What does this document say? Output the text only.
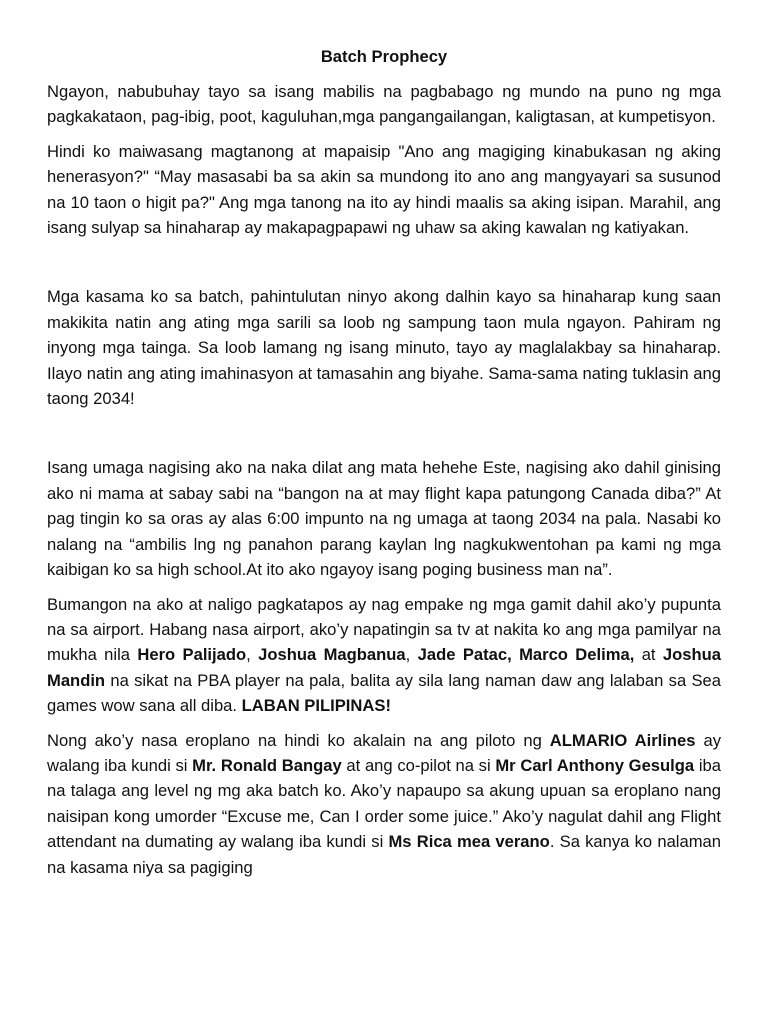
Batch Prophecy

Ngayon, nabubuhay tayo sa isang mabilis na pagbabago ng mundo na puno ng mga pagkakataon, pag-ibig, poot, kaguluhan,mga pangangailangan, kaligtasan, at kumpetisyon.

Hindi ko maiwasang magtanong at mapaisip "Ano ang magiging kinabukasan ng aking henerasyon?" “May masasabi ba sa akin sa mundong ito ano ang mangyayari sa susunod na 10 taon o higit pa?" Ang mga tanong na ito ay hindi maalis sa aking isipan. Marahil, ang isang sulyap sa hinaharap ay makapagpapawi ng uhaw sa aking kawalan ng katiyakan.

Mga kasama ko sa batch, pahintulutan ninyo akong dalhin kayo sa hinaharap kung saan makikita natin ang ating mga sarili sa loob ng sampung taon mula ngayon. Pahiram ng inyong mga tainga. Sa loob lamang ng isang minuto, tayo ay maglalakbay sa hinaharap. Ilayo natin ang ating imahinasyon at tamasahin ang biyahe. Sama-sama nating tuklasin ang taong 2034!

Isang umaga nagising ako na naka dilat ang mata hehehe Este, nagising ako dahil ginising ako ni mama at sabay sabi na “bangon na at may flight kapa patungong Canada diba?” At pag tingin ko sa oras ay alas 6:00 impunto na ng umaga at taong 2034 na pala. Nasabi ko nalang na “ambilis lng ng panahon parang kaylan lng nagkukwentohan pa kami ng mga kaibigan ko sa high school.At ito ako ngayoy isang poging business man na”.

Bumangon na ako at naligo pagkatapos ay nag empake ng mga gamit dahil ako’y pupunta na sa airport. Habang nasa airport, ako’y napatingin sa tv at nakita ko ang mga pamilyar na mukha nila Hero Palijado, Joshua Magbanua, Jade Patac, Marco Delima, at Joshua Mandin na sikat na PBA player na pala, balita ay sila lang naman daw ang lalaban sa Sea games wow sana all diba. LABAN PILIPINAS!

Nong ako’y nasa eroplano na hindi ko akalain na ang piloto ng ALMARIO Airlines ay walang iba kundi si Mr. Ronald Bangay at ang co-pilot na si Mr Carl Anthony Gesulga iba na talaga ang level ng mg aka batch ko. Ako’y napaupo sa akung upuan sa eroplano nang naisipan kong umorder “Excuse me, Can I order some juice.” Ako’y nagulat dahil ang Flight attendant na dumating ay walang iba kundi si Ms Rica mea verano. Sa kanya ko nalaman na kasama niya sa pagiging
